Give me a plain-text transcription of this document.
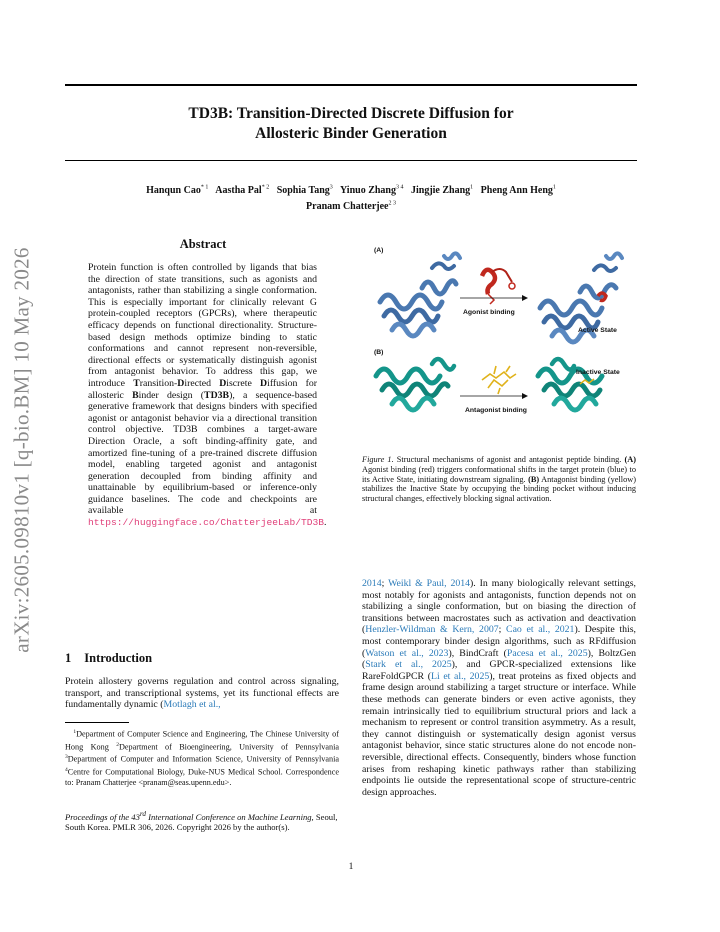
TD3B: Transition-Directed Discrete Diffusion for
Allosteric Binder Generation
Hanqun Cao$^{* 1}$ Aastha Pal$^{* 2}$ Sophia Tang$^3$ Yinuo Zhang$^{3 4}$ Jingjie Zhang$^1$ Pheng Ann Heng$^1$
Pranam Chatterjee$^{2 3}$
arXiv:2605.09810v1 [q-bio.BM] 10 May 2026
Abstract
Protein function is often controlled by ligands that bias the direction of state transitions, such as agonists and antagonists, rather than stabilizing a single conformation. This is especially important for clinically relevant G protein-coupled receptors (GPCRs), where therapeutic efficacy depends on functional directionality. Structure-based design methods optimize binding to static conformations and cannot represent non-reversible, directional effects or systematically distinguish agonist from antagonist behavior. To address this gap, we introduce Transition-Directed Discrete Diffusion for allosteric Binder design (TD3B), a sequence-based generative framework that designs binders with specified agonist or antagonist behavior via a directional transition control objective. TD3B combines a target-aware Direction Oracle, a soft binding-affinity gate, and amortized fine-tuning of a pre-trained discrete diffusion model, enabling targeted agonist and antagonist generation decoupled from binding affinity and unattainable by equilibrium-based or inference-only guidance baselines. The code and checkpoints are available at https://huggingface.co/ChatterjeeLab/TD3B.
1 Introduction
Protein allostery governs regulation and control across signaling, transport, and transcriptional systems, yet its functional effects are fundamentally dynamic (Motlagh et al.,
$^1$Department of Computer Science and Engineering, The Chinese University of Hong Kong $^2$Department of Bioengineering, University of Pennsylvania $^3$Department of Computer and Information Science, University of Pennsylvania $^4$Centre for Computational Biology, Duke-NUS Medical School. Correspondence to: Pranam Chatterjee <pranam@seas.upenn.edu>.
Proceedings of the 43rd International Conference on Machine Learning, Seoul, South Korea. PMLR 306, 2026. Copyright 2026 by the author(s).
(A)
Agonist binding
Active State
(B)
Antagonist binding
Inactive State
Figure 1. Structural mechanisms of agonist and antagonist peptide binding. (A) Agonist binding (red) triggers conformational shifts in the target protein (blue) to its Active State, initiating downstream signaling. (B) Antagonist binding (yellow) stabilizes the Inactive State by occupying the binding pocket without inducing structural changes, effectively blocking signal activation.
2014; Weikl & Paul, 2014). In many biologically relevant settings, most notably for agonists and antagonists, function depends not on stabilizing a single conformation, but on biasing the direction of transitions between macrostates such as activation and deactivation (Henzler-Wildman & Kern, 2007; Cao et al., 2021). Despite this, most contemporary binder design algorithms, such as RFdiffusion (Watson et al., 2023), BindCraft (Pacesa et al., 2025), BoltzGen (Stark et al., 2025), and GPCR-specialized extensions like RareFoldGPCR (Li et al., 2025), treat proteins as fixed objects and frame design around stabilizing a target structure or interface. While these methods can generate binders or even active agonists, they remain intrinsically tied to equilibrium structural priors and lack a mechanism to represent or control transition asymmetry. As a result, they cannot distinguish or systematically design agonist versus antagonist behavior, since static structures alone do not encode non-reversible, directional effects. Consequently, binders whose function arises from reshaping kinetic pathways rather than stabilizing endpoints lie outside the representational scope of structure-centric design approaches.
1
